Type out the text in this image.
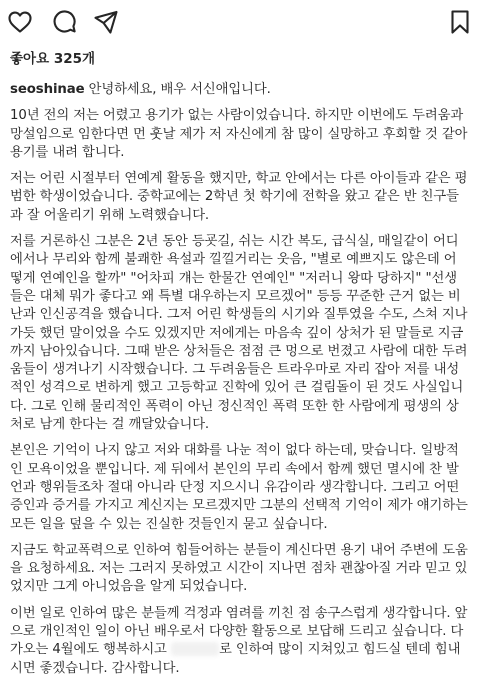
좋아요 325개

seoshinae 안녕하세요, 배우 서신애입니다.

10년 전의 저는 어렸고 용기가 없는 사람이었습니다. 하지만 이번에도 두려움과 망설임으로 임한다면 먼 훗날 제가 저 자신에게 참 많이 실망하고 후회할 것 같아 용기를 내려 합니다.

저는 어린 시절부터 연예계 활동을 했지만, 학교 안에서는 다른 아이들과 같은 평범한 학생이었습니다. 중학교에는 2학년 첫 학기에 전학을 왔고 같은 반 친구들과 잘 어울리기 위해 노력했습니다.

저를 거론하신 그분은 2년 동안 등굣길, 쉬는 시간 복도, 급식실, 매일같이 어디에서나 무리와 함께 불쾌한 욕설과 낄낄거리는 웃음, "별로 예쁘지도 않은데 어떻게 연예인을 할까" "어차피 걔는 한물간 연예인" "저러니 왕따 당하지" "선생들은 대체 뭐가 좋다고 왜 특별 대우하는지 모르겠어" 등등 꾸준한 근거 없는 비난과 인신공격을 했습니다. 그저 어린 학생들의 시기와 질투였을 수도, 스쳐 지나가듯 했던 말이었을 수도 있겠지만 저에게는 마음속 깊이 상처가 된 말들로 지금까지 남아있습니다. 그때 받은 상처들은 점점 큰 멍으로 번졌고 사람에 대한 두려움들이 생겨나기 시작했습니다. 그 두려움들은 트라우마로 자리 잡아 저를 내성적인 성격으로 변하게 했고 고등학교 진학에 있어 큰 걸림돌이 된 것도 사실입니다. 그로 인해 물리적인 폭력이 아닌 정신적인 폭력 또한 한 사람에게 평생의 상처로 남게 한다는 걸 깨달았습니다.

본인은 기억이 나지 않고 저와 대화를 나눈 적이 없다 하는데, 맞습니다. 일방적인 모욕이었을 뿐입니다. 제 뒤에서 본인의 무리 속에서 함께 했던 멸시에 찬 발언과 행위들조차 절대 아니라 단정 지으시니 유감이라 생각합니다. 그리고 어떤 증인과 증거를 가지고 계신지는 모르겠지만 그분의 선택적 기억이 제가 얘기하는 모든 일을 덮을 수 있는 진실한 것들인지 묻고 싶습니다.

지금도 학교폭력으로 인하여 힘들어하는 분들이 계신다면 용기 내어 주변에 도움을 요청하세요. 저는 그러지 못하였고 시간이 지나면 점차 괜찮아질 거라 믿고 있었지만 그게 아니었음을 알게 되었습니다.

이번 일로 인하여 많은 분들께 걱정과 염려를 끼친 점 송구스럽게 생각합니다. 앞으로 개인적인 일이 아닌 배우로서 다양한 활동으로 보답해 드리고 싶습니다. 다가오는 4월에도 행복하시고	로 인하여 많이 지쳐있고 힘드실 텐데 힘내시면 좋겠습니다. 감사합니다.
